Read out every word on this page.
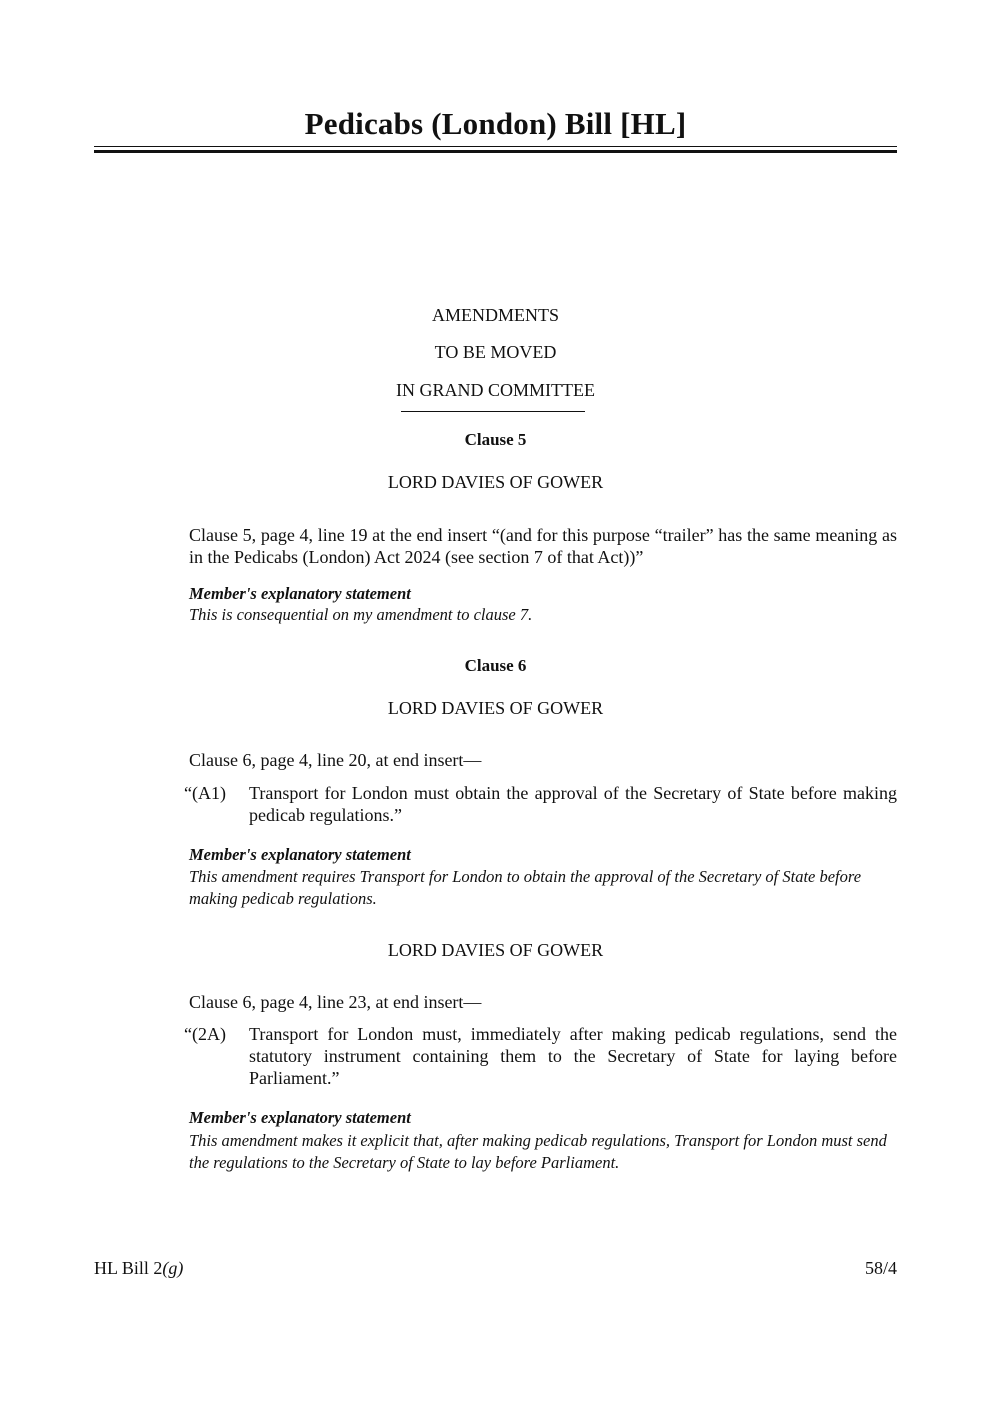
Pedicabs (London) Bill [HL]
AMENDMENTS
TO BE MOVED
IN GRAND COMMITTEE
Clause 5
LORD DAVIES OF GOWER
Clause 5, page 4, line 19 at the end insert “(and for this purpose “trailer” has the same meaning as in the Pedicabs (London) Act 2024 (see section 7 of that Act))”
Member's explanatory statement
This is consequential on my amendment to clause 7.
Clause 6
LORD DAVIES OF GOWER
Clause 6, page 4, line 20, at end insert—
“(A1) Transport for London must obtain the approval of the Secretary of State before making pedicab regulations.”
Member's explanatory statement
This amendment requires Transport for London to obtain the approval of the Secretary of State before making pedicab regulations.
LORD DAVIES OF GOWER
Clause 6, page 4, line 23, at end insert—
“(2A) Transport for London must, immediately after making pedicab regulations, send the statutory instrument containing them to the Secretary of State for laying before Parliament.”
Member's explanatory statement
This amendment makes it explicit that, after making pedicab regulations, Transport for London must send the regulations to the Secretary of State to lay before Parliament.
HL Bill 2(g)	58/4
